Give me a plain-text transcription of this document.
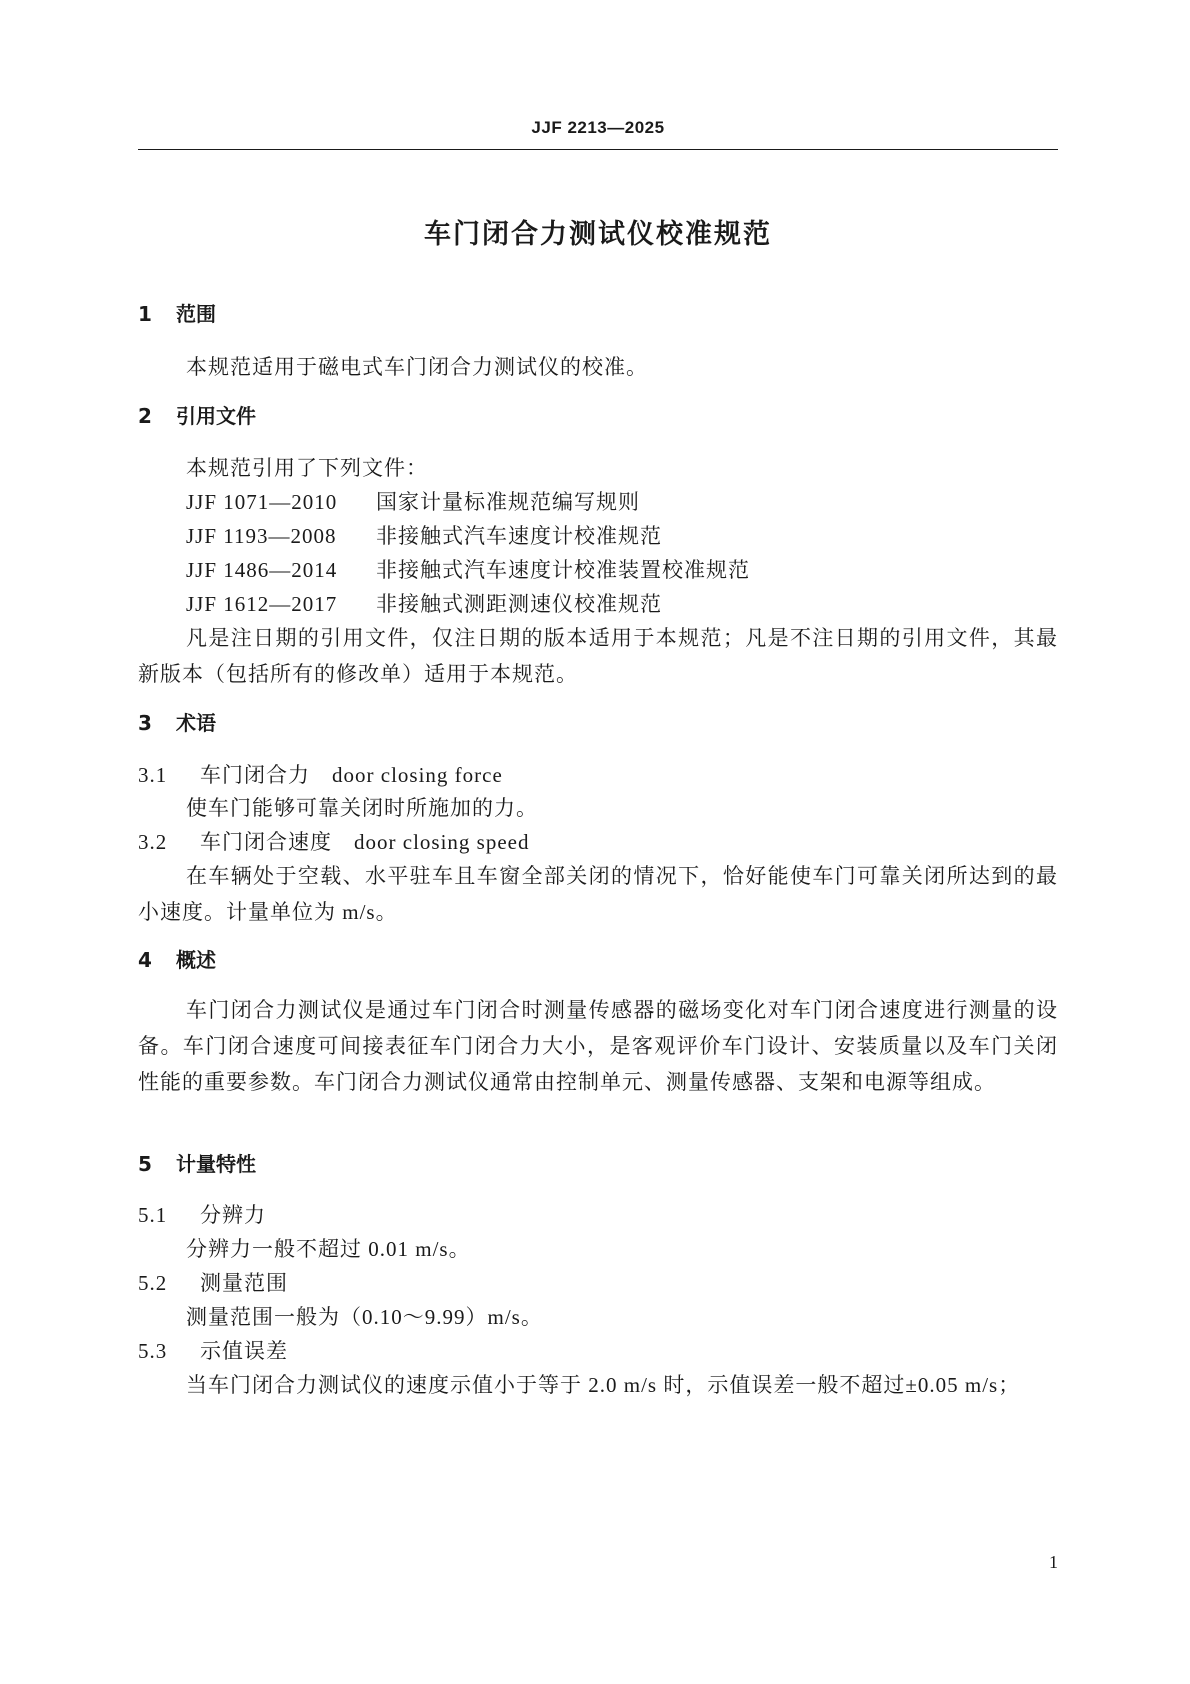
JJF 2213—2025
车门闭合力测试仪校准规范
1 范围
本规范适用于磁电式车门闭合力测试仪的校准。
2 引用文件
本规范引用了下列文件：
JJF 1071—2010 国家计量标准规范编写规则
JJF 1193—2008 非接触式汽车速度计校准规范
JJF 1486—2014 非接触式汽车速度计校准装置校准规范
JJF 1612—2017 非接触式测距测速仪校准规范
凡是注日期的引用文件，仅注日期的版本适用于本规范；凡是不注日期的引用文件，其最新版本（包括所有的修改单）适用于本规范。
3 术语
3.1 车门闭合力 door closing force
使车门能够可靠关闭时所施加的力。
3.2 车门闭合速度 door closing speed
在车辆处于空载、水平驻车且车窗全部关闭的情况下，恰好能使车门可靠关闭所达到的最小速度。计量单位为 m/s。
4 概述
车门闭合力测试仪是通过车门闭合时测量传感器的磁场变化对车门闭合速度进行测量的设备。车门闭合速度可间接表征车门闭合力大小，是客观评价车门设计、安装质量以及车门关闭性能的重要参数。车门闭合力测试仪通常由控制单元、测量传感器、支架和电源等组成。
5 计量特性
5.1 分辨力
分辨力一般不超过 0.01 m/s。
5.2 测量范围
测量范围一般为（0.10～9.99）m/s。
5.3 示值误差
当车门闭合力测试仪的速度示值小于等于 2.0 m/s 时，示值误差一般不超过±0.05 m/s；
1
